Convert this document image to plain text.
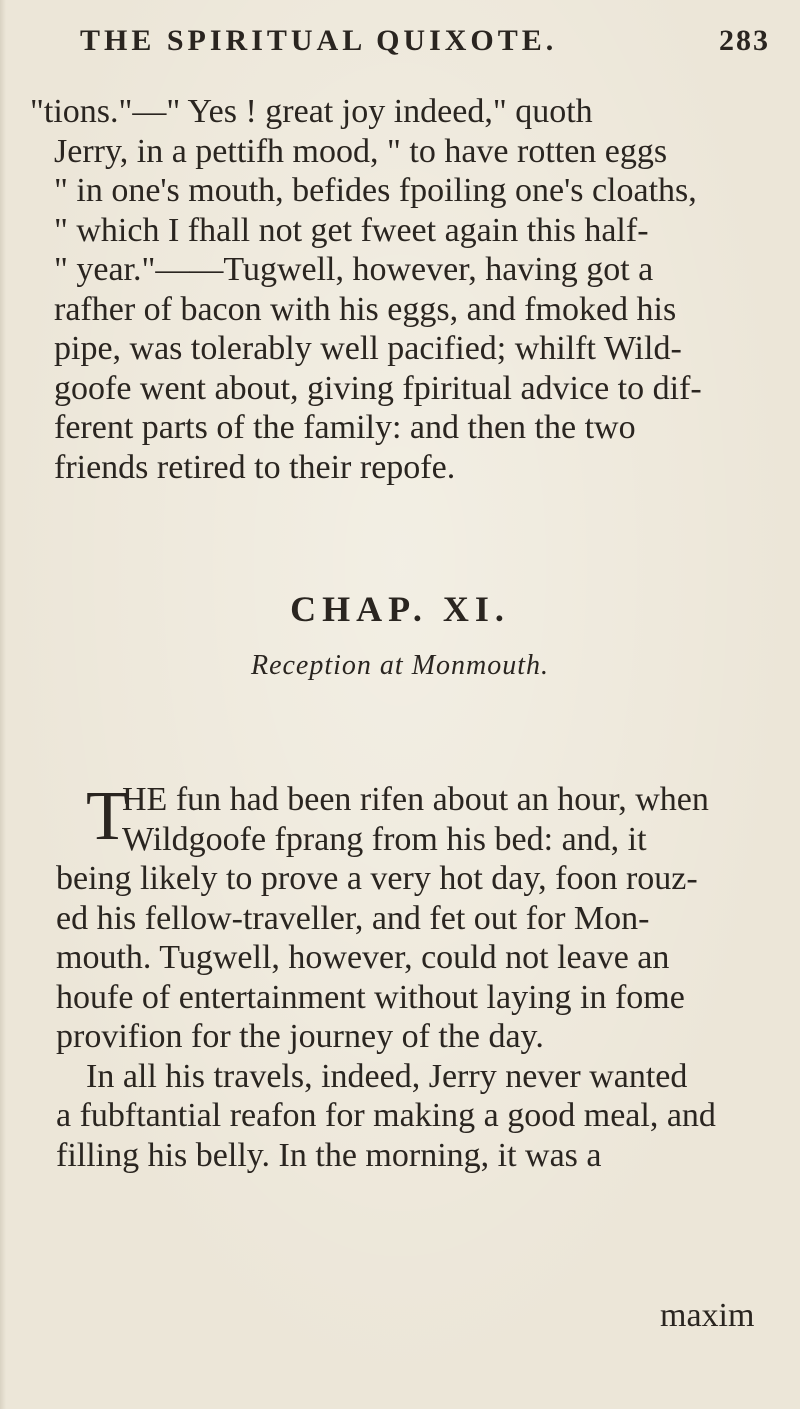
THE SPIRITUAL QUIXOTE.	283
"tions."—" Yes ! great joy indeed," quoth
Jerry, in a pettifh mood, " to have rotten eggs
" in one's mouth, befides fpoiling one's cloaths,
" which I fhall not get fweet again this half-
" year."——Tugwell, however, having got a
rafher of bacon with his eggs, and fmoked his
pipe, was tolerably well pacified; whilft Wild-
goofe went about, giving fpiritual advice to dif-
ferent parts of the family: and then the two
friends retired to their repofe.
CHAP. XI.
Reception at Monmouth.
T
HE fun had been rifen about an hour, when
Wildgoofe fprang from his bed: and, it
being likely to prove a very hot day, foon rouz-
ed his fellow-traveller, and fet out for Mon-
mouth. Tugwell, however, could not leave an
houfe of entertainment without laying in fome
provifion for the journey of the day.
In all his travels, indeed, Jerry never wanted
a fubftantial reafon for making a good meal, and
filling his belly. In the morning, it was a
maxim
